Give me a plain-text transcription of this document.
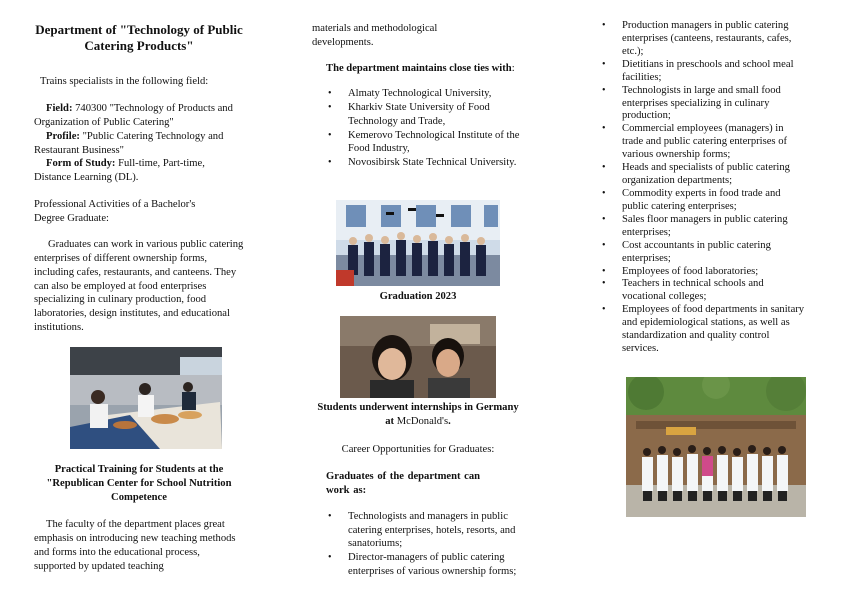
Department of "Technology of Public Catering Products"

Trains specialists in the following field:

Field: 740300 "Technology of Products and Organization of Public Catering"

Profile: "Public Catering Technology and Restaurant Business"

Form of Study: Full-time, Part-time, Distance Learning (DL).

Professional Activities of a Bachelor's Degree Graduate:

Graduates can work in various public catering enterprises of different ownership forms, including cafes, restaurants, and canteens. They can also be employed at food enterprises specializing in culinary production, food laboratories, design institutes, and educational institutions.

Practical Training for Students at the "Republican Center for School Nutrition Competence

The faculty of the department places great emphasis on introducing new teaching methods and forms into the educational process, supported by updated teaching

materials and methodological developments.

The department maintains close ties with:

• Almaty Technological University,
• Kharkiv State University of Food Technology and Trade,
• Kemerovo Technological Institute of the Food Industry,
• Novosibirsk State Technical University.

Graduation 2023

Students underwent internships in Germany at McDonald's.

Career Opportunities for Graduates:

Graduates of the department can work as:

• Technologists and managers in public catering enterprises, hotels, resorts, and sanatoriums;
• Director-managers of public catering enterprises of various ownership forms;
• Production managers in public catering enterprises (canteens, restaurants, cafes, etc.);
• Dietitians in preschools and school meal facilities;
• Technologists in large and small food enterprises specializing in culinary production;
• Commercial employees (managers) in trade and public catering enterprises of various ownership forms;
• Heads and specialists of public catering organization departments;
• Commodity experts in food trade and public catering enterprises;
• Sales floor managers in public catering enterprises;
• Cost accountants in public catering enterprises;
• Employees of food laboratories;
• Teachers in technical schools and vocational colleges;
• Employees of food departments in sanitary and epidemiological stations, as well as standardization and quality control services.
